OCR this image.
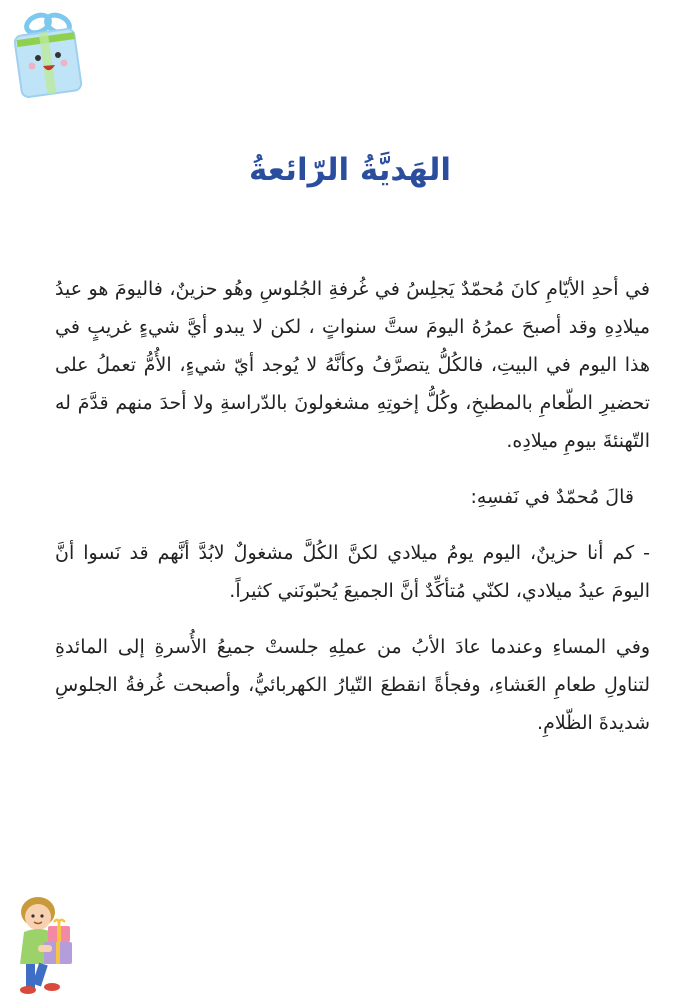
الهَديَّةُ الرّائعةُ

في أحدِ الأيّامِ كانَ مُحمّدٌ يَجلِسُ في غُرفةِ الجُلوسِ وهُو حزينٌ، فاليومَ هو عيدُ ميلادِهِ وقد أصبحَ عمرُهُ اليومَ ستَّ سنواتٍ ، لكن لا يبدو أيَّ شيءٍ غريبٍ في هذا اليوم في البيتِ، فالكُلُّ يتصرَّفُ وكأنَّهُ لا يُوجد أيّ شيءٍ، الأُمُّ تعملُ على تحضيرِ الطّعامِ بالمطبخِ، وكُلُّ إخوتِهِ مشغولونَ بالدّراسةِ ولا أحدَ منهم قدَّمَ له التّهنئةَ بيومِ ميلادِه.

قالَ مُحمّدٌ في نَفسِهِ:

- كم أنا حزينٌ، اليوم يومُ ميلادي لكنَّ الكُلَّ مشغولٌ لابُدَّ أنَّهم قد نَسوا أنَّ اليومَ عيدُ ميلادي، لكنّي مُتأكِّدٌ أنَّ الجميعَ يُحبّونَني كثيراً.

وفي المساءِ وعندما عادَ الأبُ من عملِهِ جلستْ جميعُ الأُسرةِ إلى المائدةِ لتناولِ طعامِ العَشاءِ، وفجأةً انقطعَ التّيارُ الكهربائيُّ، وأصبحت غُرفةُ الجلوسِ شديدةَ الظّلامِ.
